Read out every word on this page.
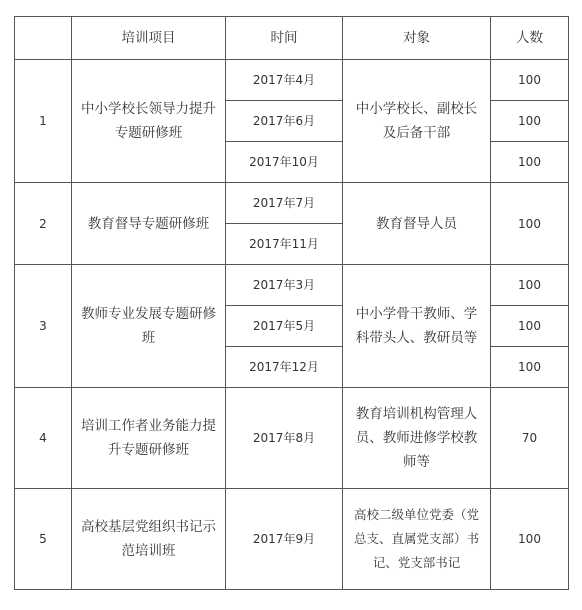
	培训项目	时间	对象	人数
1	中小学校长领导力提升专题研修班	2017年4月	中小学校长、副校长及后备干部	100
		2017年6月		100
		2017年10月		100
2	教育督导专题研修班	2017年7月	教育督导人员	100
		2017年11月		
3	教师专业发展专题研修班	2017年3月	中小学骨干教师、学科带头人、教研员等	100
		2017年5月		100
		2017年12月		100
4	培训工作者业务能力提升专题研修班	2017年8月	教育培训机构管理人员、教师进修学校教师等	70
5	高校基层党组织书记示范培训班	2017年9月	高校二级单位党委（党总支、直属党支部）书记、党支部书记	100
